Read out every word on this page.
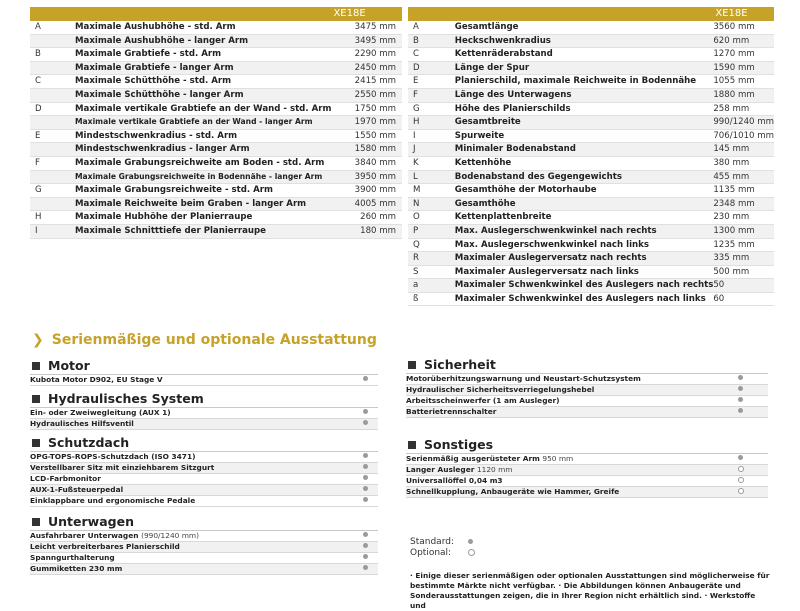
		XE18E
A	Maximale Aushubhöhe - std. Arm	3475 mm
	Maximale Aushubhöhe - langer Arm	3495 mm
B	Maximale Grabtiefe - std. Arm	2290 mm
	Maximale Grabtiefe - langer Arm	2450 mm
C	Maximale Schütthöhe - std. Arm	2415 mm
	Maximale Schütthöhe - langer Arm	2550 mm
D	Maximale vertikale Grabtiefe an der Wand - std. Arm	1750 mm
	Maximale vertikale Grabtiefe an der Wand - langer Arm	1970 mm
E	Mindestschwenkradius - std. Arm	1550 mm
	Mindestschwenkradius - langer Arm	1580 mm
F	Maximale Grabungsreichweite am Boden - std. Arm	3840 mm
	Maximale Grabungsreichweite in Bodennähe - langer Arm	3950 mm
G	Maximale Grabungsreichweite - std. Arm	3900 mm
	Maximale Reichweite beim Graben - langer Arm	4005 mm
H	Maximale Hubhöhe der Planierraupe	260 mm
I	Maximale Schnitttiefe der Planierraupe	180 mm
		XE18E
A	Gesamtlänge	3560 mm
B	Heckschwenkradius	620 mm
C	Kettenräderabstand	1270 mm
D	Länge der Spur	1590 mm
E	Planierschild, maximale Reichweite in Bodennähe	1055 mm
F	Länge des Unterwagens	1880 mm
G	Höhe des Planierschilds	258 mm
H	Gesamtbreite	990/1240 mm
I	Spurweite	706/1010 mm
J	Minimaler Bodenabstand	145 mm
K	Kettenhöhe	380 mm
L	Bodenabstand des Gegengewichts	455 mm
M	Gesamthöhe der Motorhaube	1135 mm
N	Gesamthöhe	2348 mm
O	Kettenplattenbreite	230 mm
P	Max. Auslegerschwenkwinkel nach rechts	1300 mm
Q	Max. Auslegerschwenkwinkel nach links	1235 mm
R	Maximaler Auslegerversatz nach rechts	335 mm
S	Maximaler Auslegerversatz nach links	500 mm
a	Maximaler Schwenkwinkel des Auslegers nach rechts	50
ß	Maximaler Schwenkwinkel des Auslegers nach links	60
❯ Serienmäßige und optionale Ausstattung
Motor
Kubota Motor D902, EU Stage V
Hydraulisches System
Ein- oder Zweiwegleitung (AUX 1)
Hydraulisches Hilfsventil
Schutzdach
OPG-TOPS-ROPS-Schutzdach (ISO 3471)
Verstellbarer Sitz mit einziehbarem Sitzgurt
LCD-Farbmonitor
AUX-1-Fußsteuerpedal
Einklappbare und ergonomische Pedale
Unterwagen
Ausfahrbarer Unterwagen (990/1240 mm)
Leicht verbreiterbares Planierschild
Spanngurthalterung
Gummiketten 230 mm
Sicherheit
Motorüberhitzungswarnung und Neustart-Schutzsystem
Hydraulischer Sicherheitsverriegelungshebel
Arbeitsscheinwerfer (1 am Ausleger)
Batterietrennschalter
Sonstiges
Serienmäßig ausgerüsteter Arm 950 mm
Langer Ausleger 1120 mm
Universallöffel 0,04 m3
Schnellkupplung, Anbaugeräte wie Hammer, Greife
Standard:
Optional:
· Einige dieser serienmäßigen oder optionalen Ausstattungen sind möglicherweise für
bestimmte Märkte nicht verfügbar. · Die Abbildungen können Anbaugeräte und
Sonderausstattungen zeigen, die in Ihrer Region nicht erhältlich sind. · Werkstoffe und
